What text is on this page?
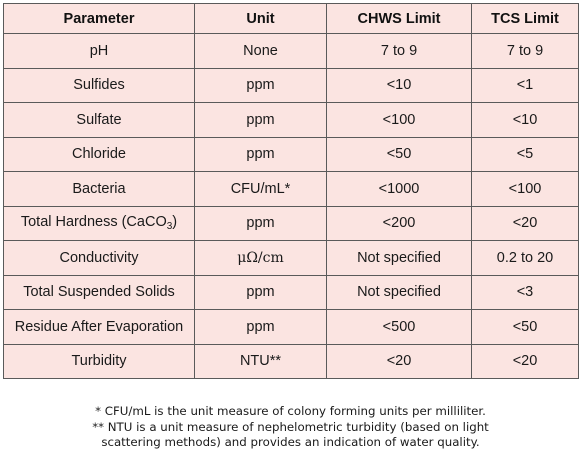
Parameter	Unit	CHWS Limit	TCS Limit
pH	None	7 to 9	7 to 9
Sulfides	ppm	<10	<1
Sulfate	ppm	<100	<10
Chloride	ppm	<50	<5
Bacteria	CFU/mL*	<1000	<100
Total Hardness (CaCO$_3$)	ppm	<200	<20
Conductivity	μΩ/cm	Not specified	0.2 to 20
Total Suspended Solids	ppm	Not specified	<3
Residue After Evaporation	ppm	<500	<50
Turbidity	NTU**	<20	<20
* CFU/mL is the unit measure of colony forming units per milliliter.
** NTU is a unit measure of nephelometric turbidity (based on light
scattering methods) and provides an indication of water quality.
